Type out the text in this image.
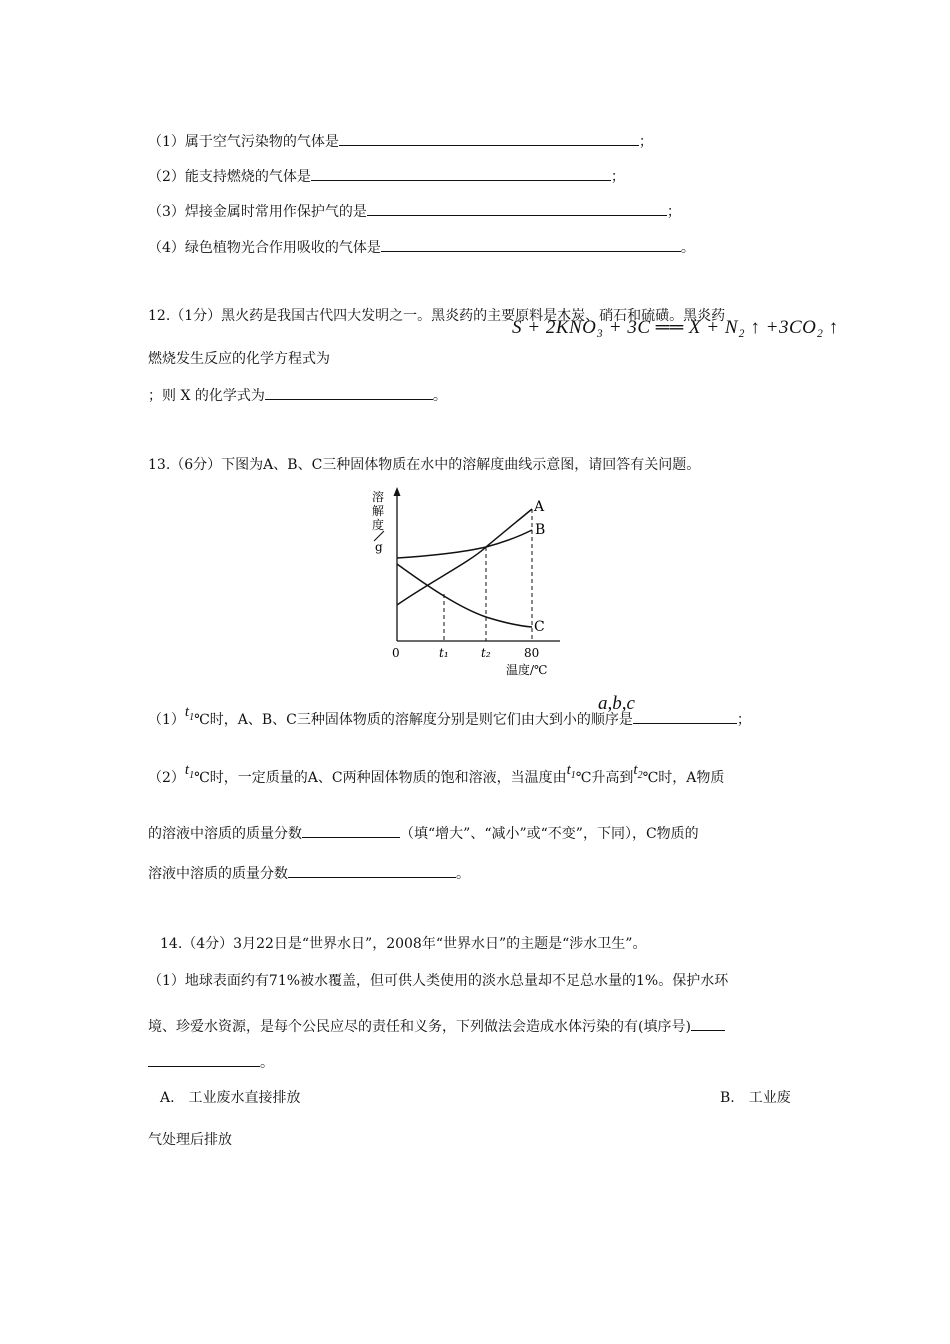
（1）属于空气污染物的气体是	；
（2）能支持燃烧的气体是	；
（3）焊接金属时常用作保护气的是	；
（4）绿色植物光合作用吸收的气体是	。
12.（1分）黑火药是我国古代四大发明之一。黑炎药的主要原料是木炭、硝石和硫磺。黑炎药
S + 2KNO₃ + 3C ══ X + N₂ ↑ +3CO₂ ↑
燃烧发生反应的化学方程式为
；则 X 的化学式为	。
13.（6分）下图为A、B、C三种固体物质在水中的溶解度曲线示意图，请回答有关问题。
溶
解
度
g
A
B
C
0	t₁	t₂	80
温度/℃
$(1)t_1℃$时，A、B、C三种固体物质的溶解度分别是则它们由大到小的顺序是	；
a,b,c
$(2)t_1℃$时，一定质量的A、C两种固体物质的饱和溶液，当温度由$t_1℃$升高到$t_2℃$时，A物质
的溶液中溶质的质量分数	（填“增大”、“减小”或“不变”，下同），C物质的
溶液中溶质的质量分数	。
14.（4分）3月22日是“世界水日”，2008年“世界水日”的主题是“涉水卫生”。
（1）地球表面约有71%被水覆盖，但可供人类使用的淡水总量却不足总水量的1%。保护水环
境、珍爱水资源，是每个公民应尽的责任和义务，下列做法会造成水体污染的有(填序号)
。
A.　工业废水直接排放	B.　工业废
气处理后排放
